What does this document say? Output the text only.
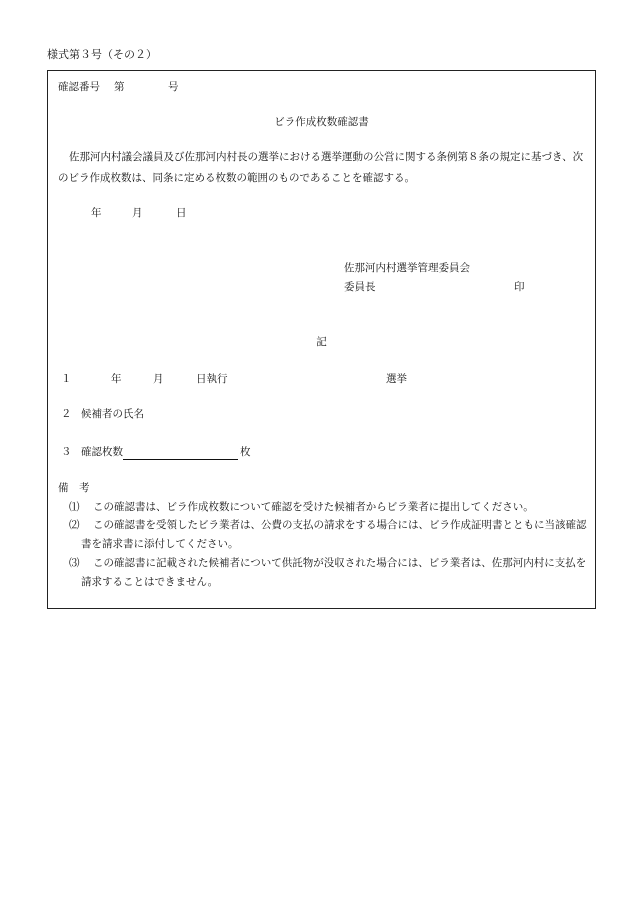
様式第３号（その２）
確認番号 第	号
ビラ作成枚数確認書
佐那河内村議会議員及び佐那河内村長の選挙における選挙運動の公営に関する条例第８条の規定に基づき、次
のビラ作成枚数は、同条に定める枚数の範囲のものであることを確認する。
年	月	日
佐那河内村選挙管理委員会
委員長	印
記
１	年	月	日執行	選挙
２ 候補者の氏名
３ 確認枚数	枚
備　考
⑴ この確認書は、ビラ作成枚数について確認を受けた候補者からビラ業者に提出してください。
⑵ この確認書を受領したビラ業者は、公費の支払の請求をする場合には、ビラ作成証明書とともに当該確認
書を請求書に添付してください。
⑶ この確認書に記載された候補者について供託物が没収された場合には、ビラ業者は、佐那河内村に支払を
請求することはできません。
